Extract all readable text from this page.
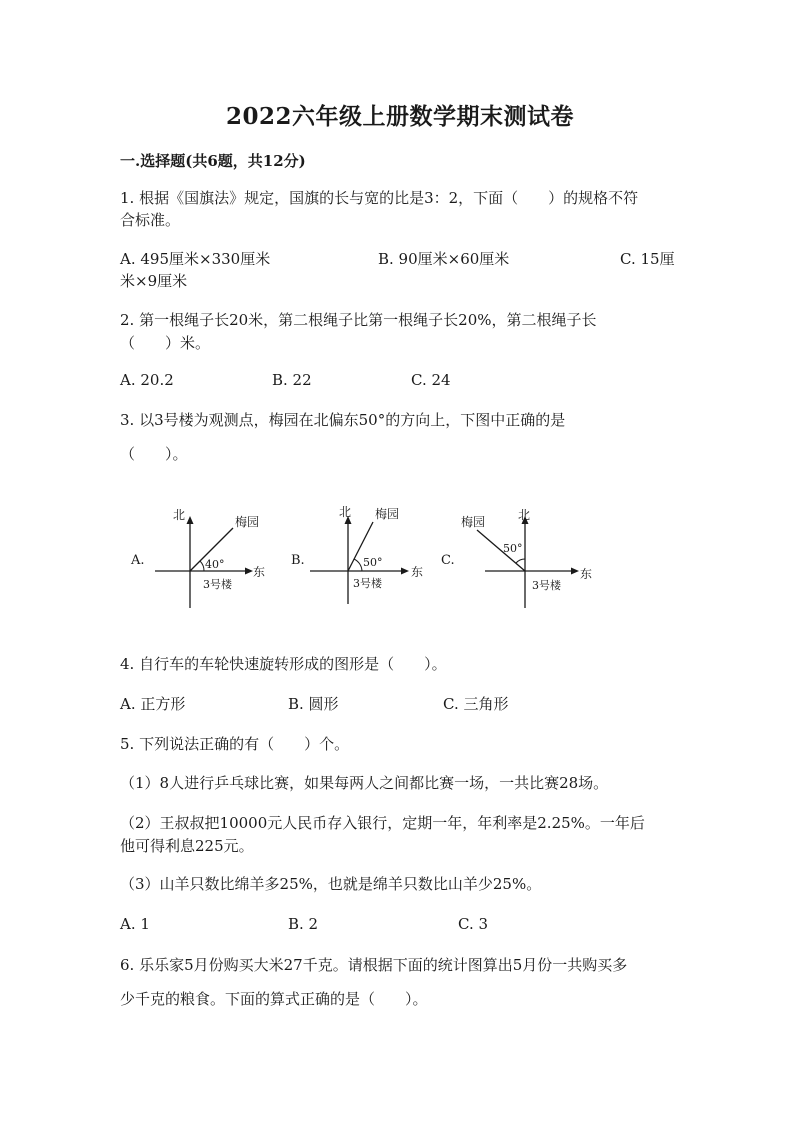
2022六年级上册数学期末测试卷
一.选择题(共6题，共12分)
1. 根据《国旗法》规定，国旗的长与宽的比是3：2，下面（　　）的规格不符
合标准。
A. 495厘米×330厘米	B. 90厘米×60厘米	C. 15厘
米×9厘米
2. 第一根绳子长20米，第二根绳子比第一根绳子长20%，第二根绳子长
（　　）米。
A. 20.2	B. 22	C. 24
3. 以3号楼为观测点，梅园在北偏东50°的方向上，下图中正确的是
（　　）。
A.
北
东
梅园
40°
3号楼
B.
北
东
梅园
50°
3号楼
C.
北
东
梅园
50°
3号楼
4. 自行车的车轮快速旋转形成的图形是（　　）。
A. 正方形	B. 圆形	C. 三角形
5. 下列说法正确的有（　　）个。
（1）8人进行乒乓球比赛，如果每两人之间都比赛一场，一共比赛28场。
（2）王叔叔把10000元人民币存入银行，定期一年，年利率是2.25%。一年后
他可得利息225元。
（3）山羊只数比绵羊多25%，也就是绵羊只数比山羊少25%。
A. 1	B. 2	C. 3
6. 乐乐家5月份购买大米27千克。请根据下面的统计图算出5月份一共购买多
少千克的粮食。下面的算式正确的是（　　）。
